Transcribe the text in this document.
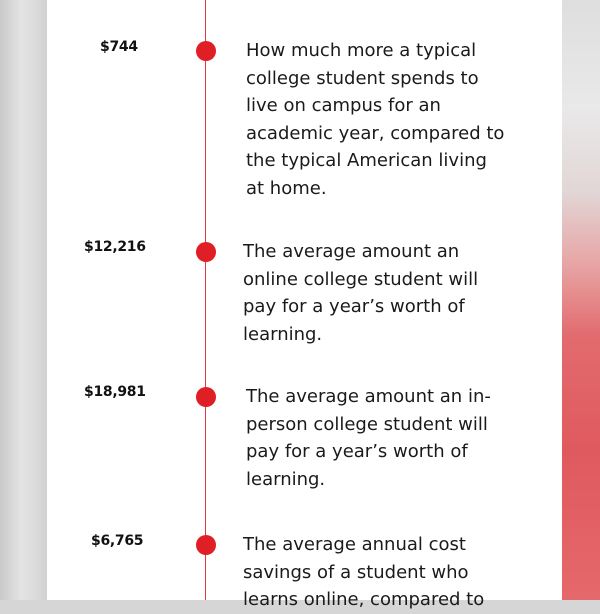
$744	How much more a typical college student spends to live on campus for an academic year, compared to the typical American living at home.
$12,216	The average amount an online college student will pay for a year’s worth of learning.
$18,981	The average amount an in-person college student will pay for a year’s worth of learning.
$6,765	The average annual cost savings of a student who learns online, compared to
